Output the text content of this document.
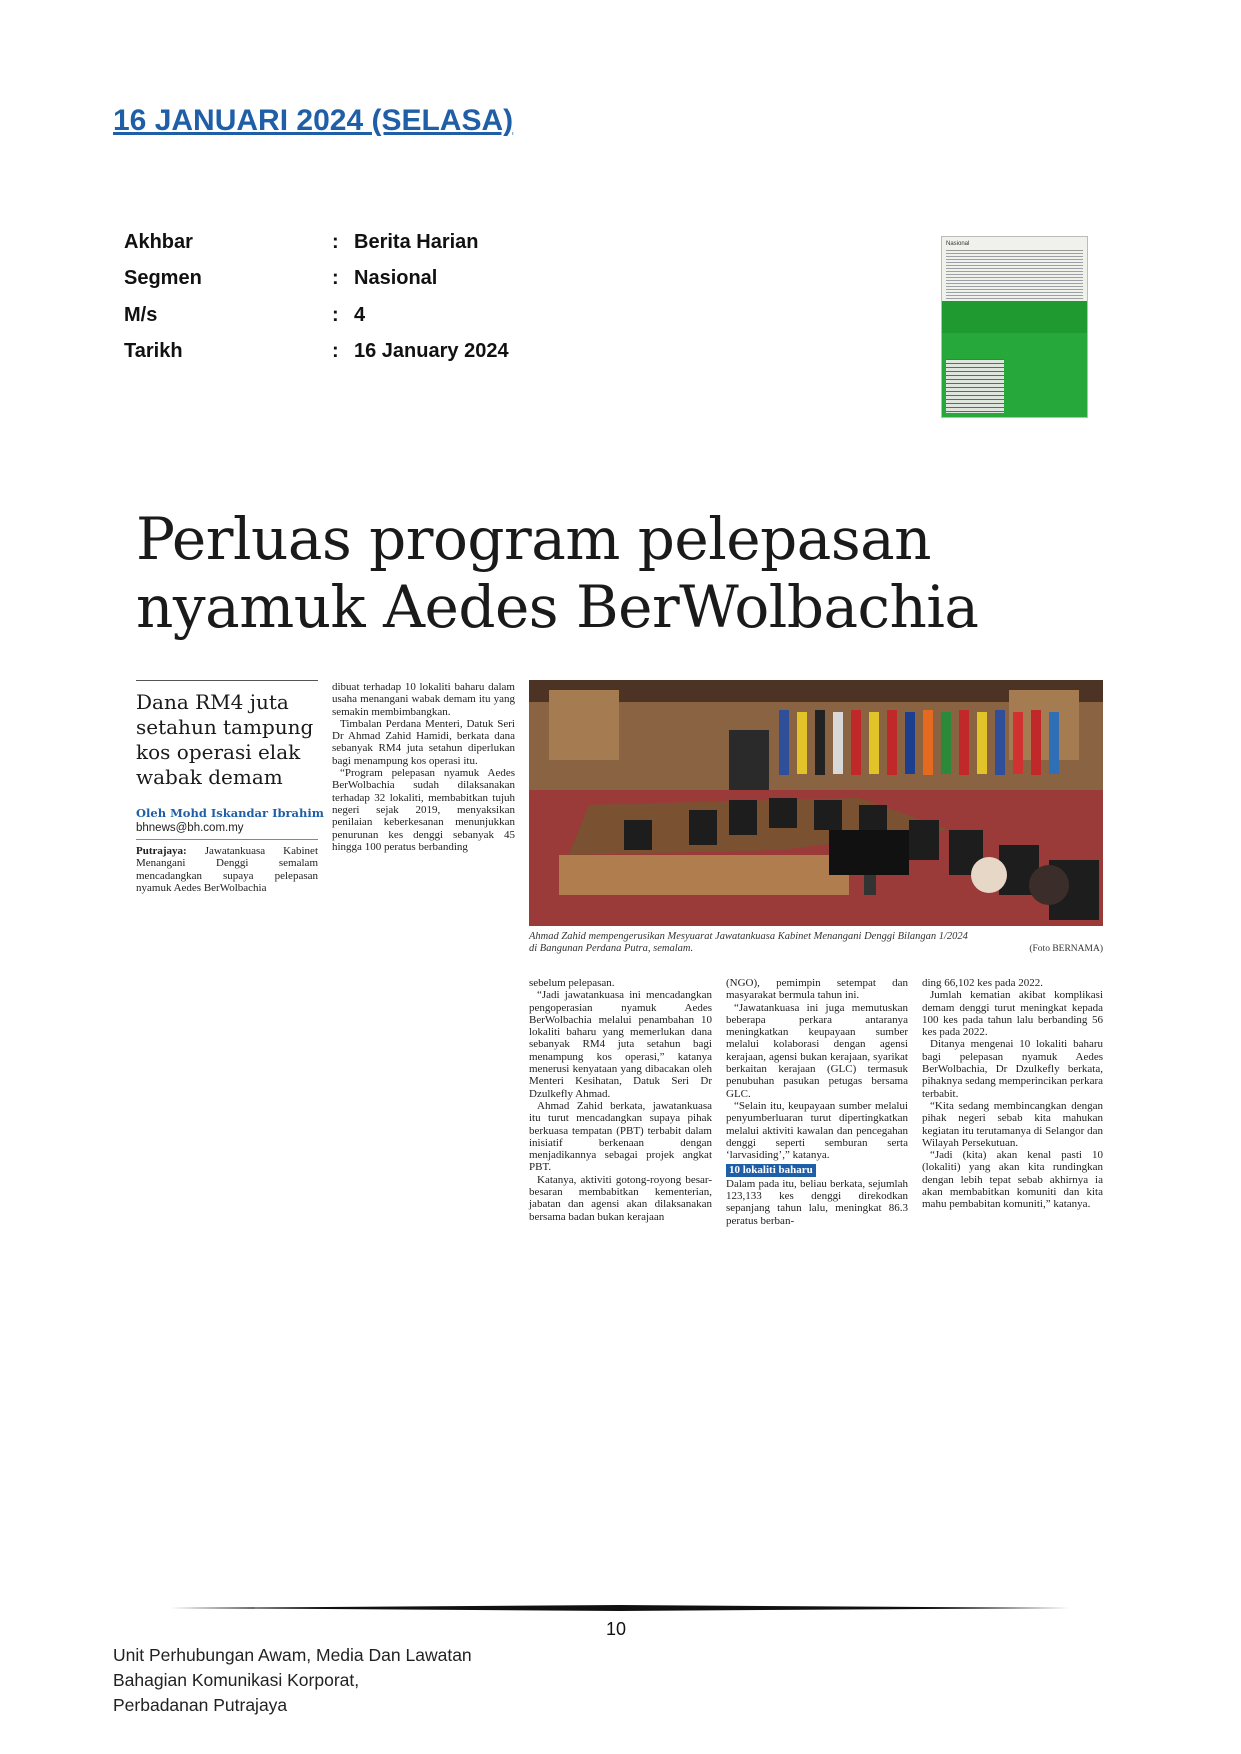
16 JANUARI 2024 (SELASA)
Akhbar	: Berita Harian
Segmen	: Nasional
M/s	: 4
Tarikh	: 16 January 2024
Nasional
Perluas program pelepasan
nyamuk Aedes BerWolbachia
Dana RM4 juta
setahun tampung
kos operasi elak
wabak demam
Oleh Mohd Iskandar Ibrahim
bhnews@bh.com.my

Putrajaya: Jawatankuasa Kabinet Menangani Denggi semalam mencadangkan supaya pelepasan nyamuk Aedes BerWolbachia

dibuat terhadap 10 lokaliti baharu dalam usaha menangani wabak demam itu yang semakin membimbangkan.

Timbalan Perdana Menteri, Datuk Seri Dr Ahmad Zahid Hamidi, berkata dana sebanyak RM4 juta setahun diperlukan bagi menampung kos operasi itu.

“Program pelepasan nyamuk Aedes BerWolbachia sudah dilaksanakan terhadap 32 lokaliti, membabitkan tujuh negeri sejak 2019, menyaksikan penilaian keberkesanan menunjukkan penurunan kes denggi sebanyak 45 hingga 100 peratus berbanding

Ahmad Zahid mempengerusikan Mesyuarat Jawatankuasa Kabinet Menangani Denggi Bilangan 1/2024
di Bangunan Perdana Putra, semalam.	(Foto BERNAMA)

sebelum pelepasan.

“Jadi jawatankuasa ini mencadangkan pengoperasian nyamuk Aedes BerWolbachia melalui penambahan 10 lokaliti baharu yang memerlukan dana sebanyak RM4 juta setahun bagi menampung kos operasi,” katanya menerusi kenyataan yang dibacakan oleh Menteri Kesihatan, Datuk Seri Dr Dzulkefly Ahmad.

Ahmad Zahid berkata, jawatankuasa itu turut mencadangkan supaya pihak berkuasa tempatan (PBT) terbabit dalam inisiatif berkenaan dengan menjadikannya sebagai projek angkat PBT.

Katanya, aktiviti gotong-royong besar-besaran membabitkan kementerian, jabatan dan agensi akan dilaksanakan bersama badan bukan kerajaan

(NGO), pemimpin setempat dan masyarakat bermula tahun ini.

“Jawatankuasa ini juga memutuskan beberapa perkara antaranya meningkatkan keupayaan sumber melalui kolaborasi dengan agensi kerajaan, agensi bukan kerajaan, syarikat berkaitan kerajaan (GLC) termasuk penubuhan pasukan petugas bersama GLC.

“Selain itu, keupayaan sumber melalui penyumberluaran turut dipertingkatkan melalui aktiviti kawalan dan pencegahan denggi seperti semburan serta ‘larvasiding’,” katanya.

10 lokaliti baharu

Dalam pada itu, beliau berkata, sejumlah 123,133 kes denggi direkodkan sepanjang tahun lalu, meningkat 86.3 peratus berban-

ding 66,102 kes pada 2022.

Jumlah kematian akibat komplikasi demam denggi turut meningkat kepada 100 kes pada tahun lalu berbanding 56 kes pada 2022.

Ditanya mengenai 10 lokaliti baharu bagi pelepasan nyamuk Aedes BerWolbachia, Dr Dzulkefly berkata, pihaknya sedang memperincikan perkara terbabit.

“Kita sedang membincangkan dengan pihak negeri sebab kita mahukan kegiatan itu terutamanya di Selangor dan Wilayah Persekutuan.

“Jadi (kita) akan kenal pasti 10 (lokaliti) yang akan kita rundingkan dengan lebih tepat sebab akhirnya ia akan membabitkan komuniti dan kita mahu pembabitan komuniti,” katanya.

10
Unit Perhubungan Awam, Media Dan Lawatan
Bahagian Komunikasi Korporat,
Perbadanan Putrajaya
